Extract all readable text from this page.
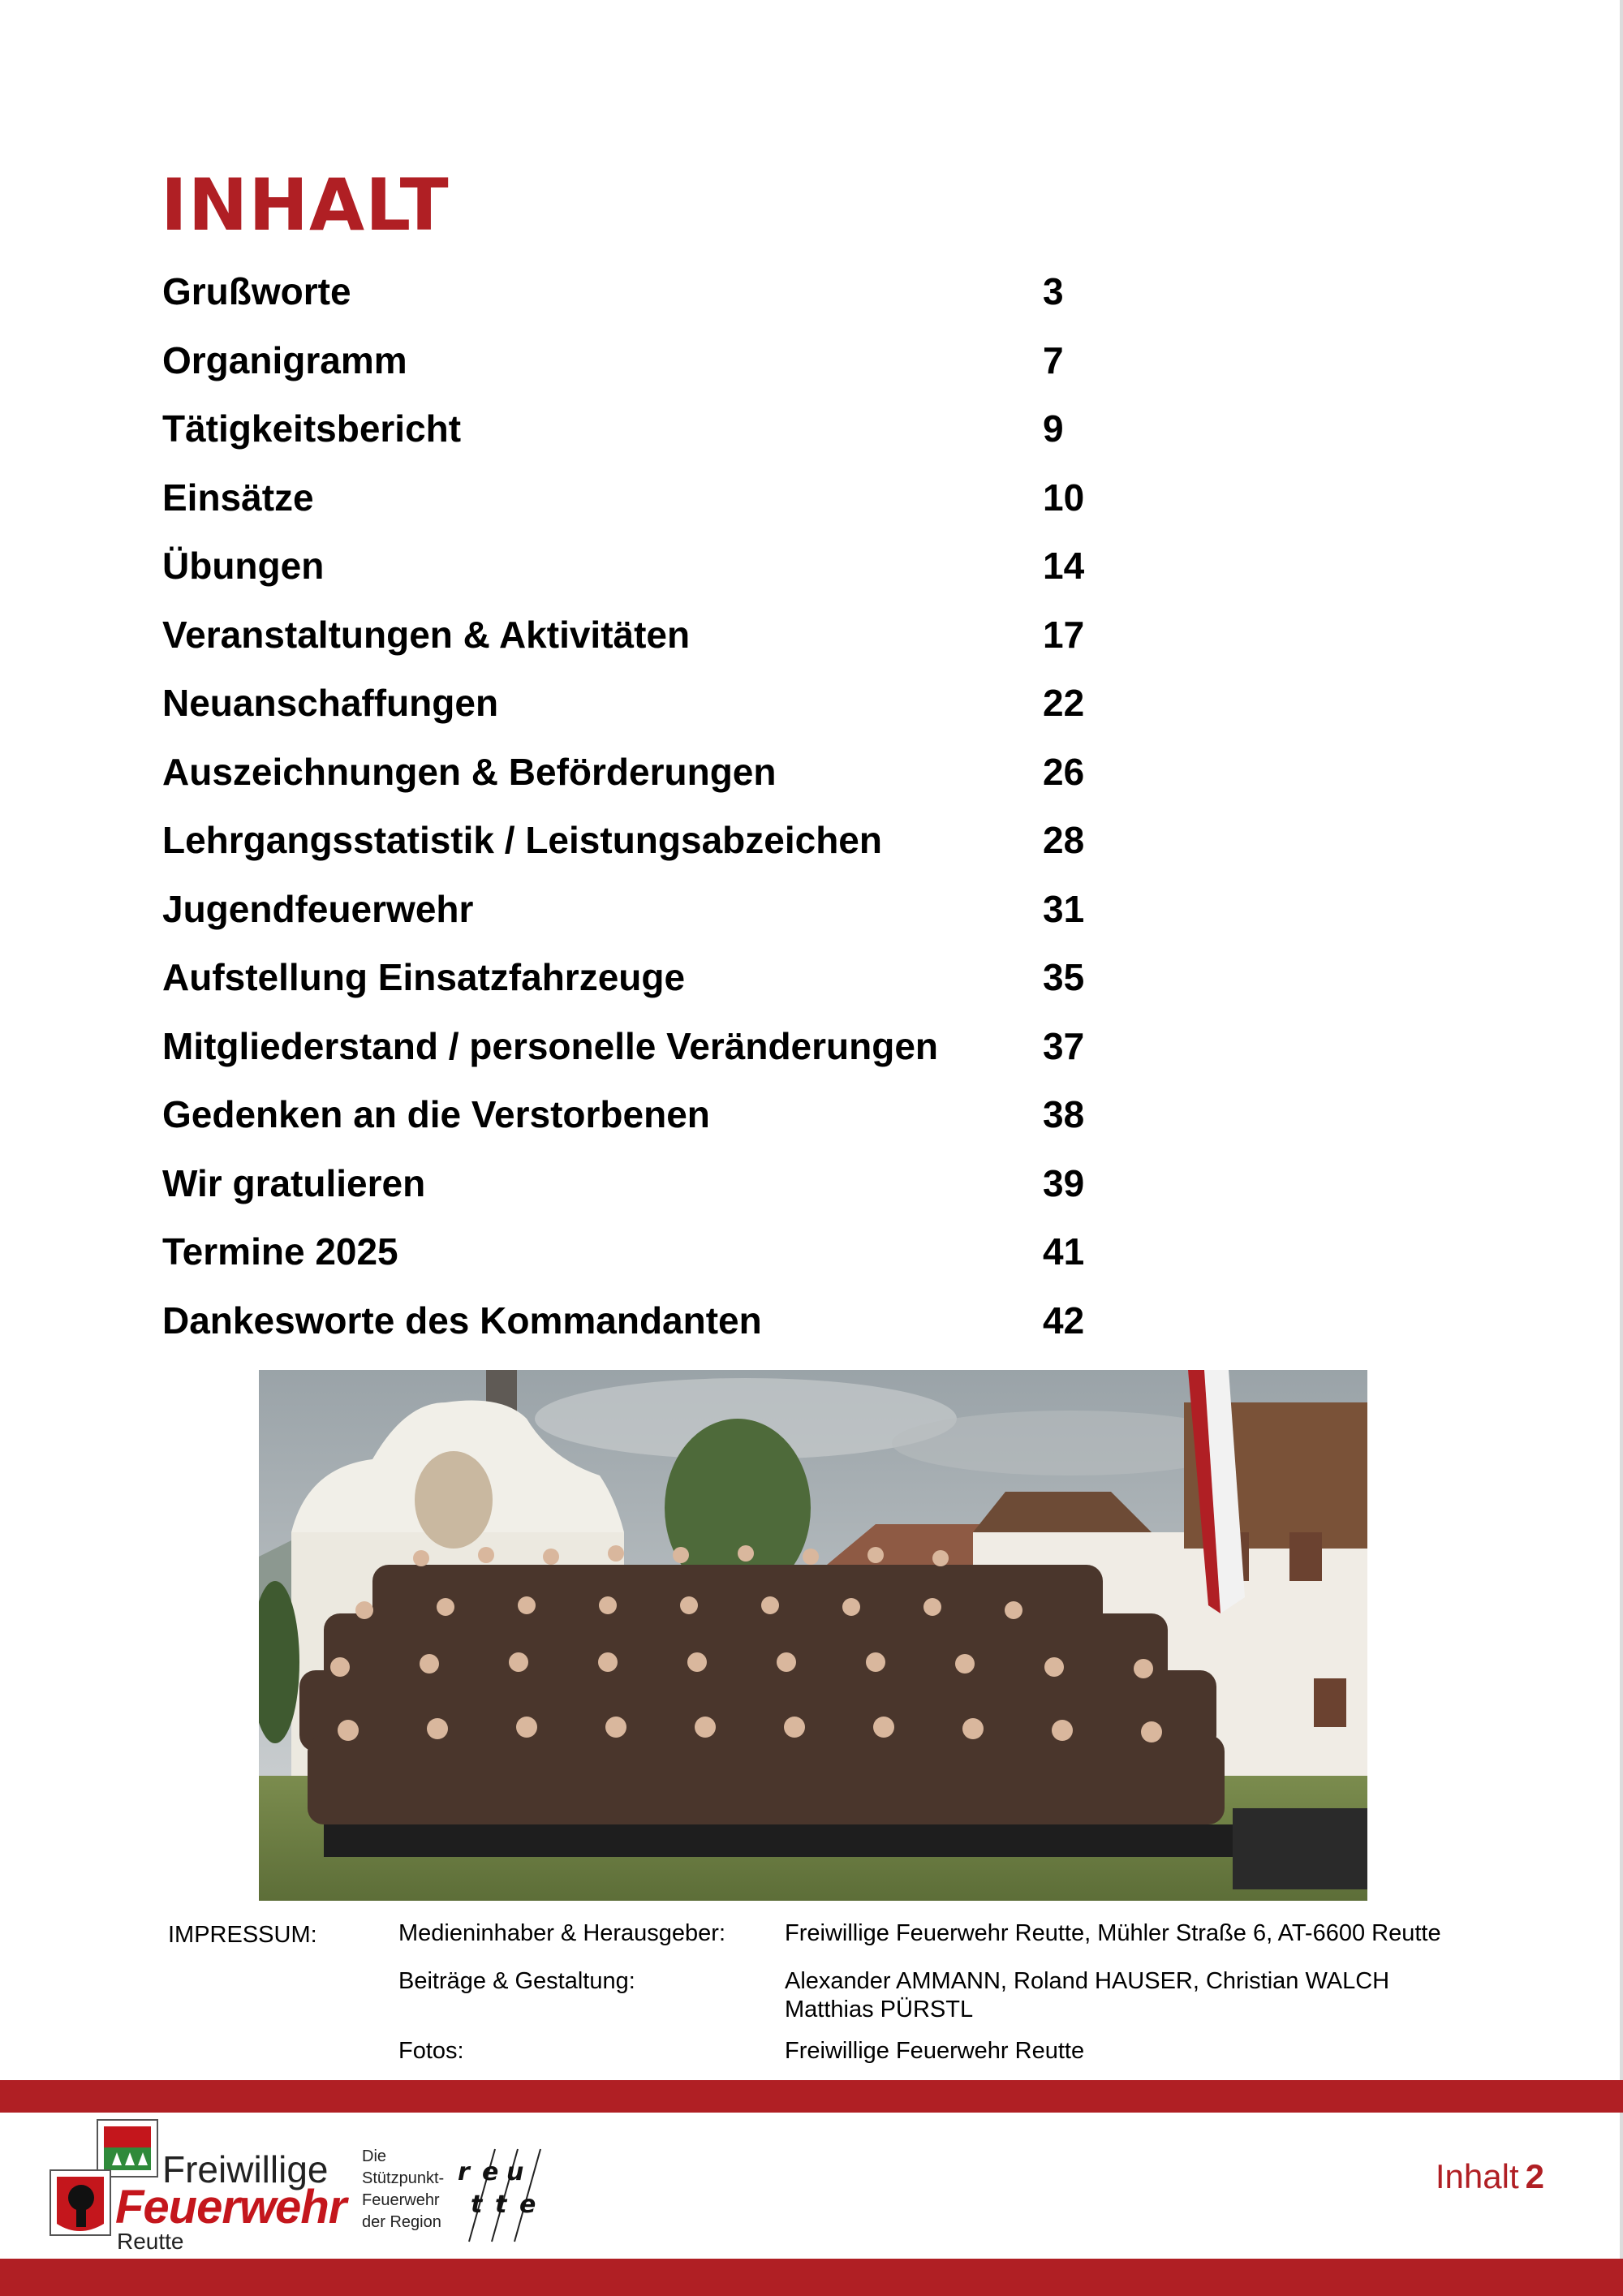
INHALT
Grußworte	3
Organigramm	7
Tätigkeitsbericht	9
Einsätze	10
Übungen	14
Veranstaltungen & Aktivitäten	17
Neuanschaffungen	22
Auszeichnungen & Beförderungen	26
Lehrgangsstatistik / Leistungsabzeichen	28
Jugendfeuerwehr	31
Aufstellung Einsatzfahrzeuge	35
Mitgliederstand / personelle Veränderungen	37
Gedenken an die Verstorbenen	38
Wir gratulieren	39
Termine 2025	41
Dankesworte des Kommandanten	42
IMPRESSUM:	Medieninhaber & Herausgeber:	Freiwillige Feuerwehr Reutte, Mühler Straße 6, AT-6600 Reutte
Beiträge & Gestaltung:	Alexander AMMANN, Roland HAUSER, Christian WALCH
Matthias PÜRSTL
Fotos:	Freiwillige Feuerwehr Reutte
Freiwillige
Feuerwehr
Reutte
Die
Stützpunkt-
Feuerwehr
der Region
r e u
t t e
Inhalt 2
